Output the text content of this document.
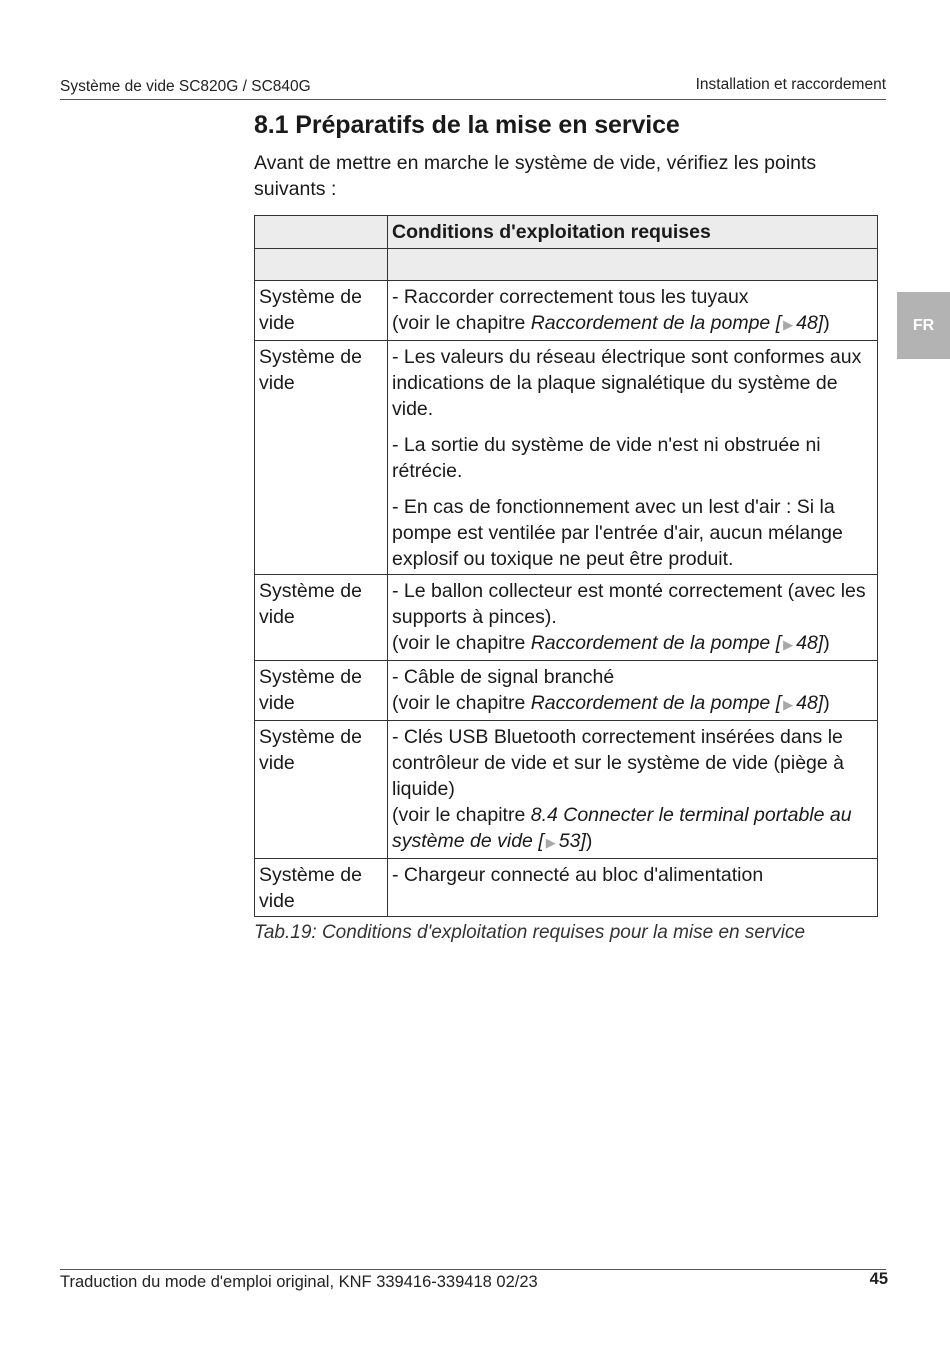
Système de vide SC820G / SC840G	Installation et raccordement
FR
8.1 Préparatifs de la mise en service

Avant de mettre en marche le système de vide, vérifiez les points suivants :

	Conditions d'exploitation requises

Système de vide	- Raccorder correctement tous les tuyaux
(voir le chapitre Raccordement de la pompe [ ▶ 48])

Système de vide	- Les valeurs du réseau électrique sont conformes aux indications de la plaque signalétique du système de vide.
- La sortie du système de vide n'est ni obstruée ni rétrécie.
- En cas de fonctionnement avec un lest d'air : Si la pompe est ventilée par l'entrée d'air, aucun mélange explosif ou toxique ne peut être produit.

Système de vide	- Le ballon collecteur est monté correctement (avec les supports à pinces).
(voir le chapitre Raccordement de la pompe [ ▶ 48])

Système de vide	- Câble de signal branché
(voir le chapitre Raccordement de la pompe [ ▶ 48])

Système de vide	- Clés USB Bluetooth correctement insérées dans le contrôleur de vide et sur le système de vide (piège à liquide)
(voir le chapitre 8.4 Connecter le terminal portable au système de vide [ ▶ 53])

Système de vide	- Chargeur connecté au bloc d'alimentation
Tab.19: Conditions d'exploitation requises pour la mise en service
Traduction du mode d'emploi original, KNF 339416-339418 02/23	45
